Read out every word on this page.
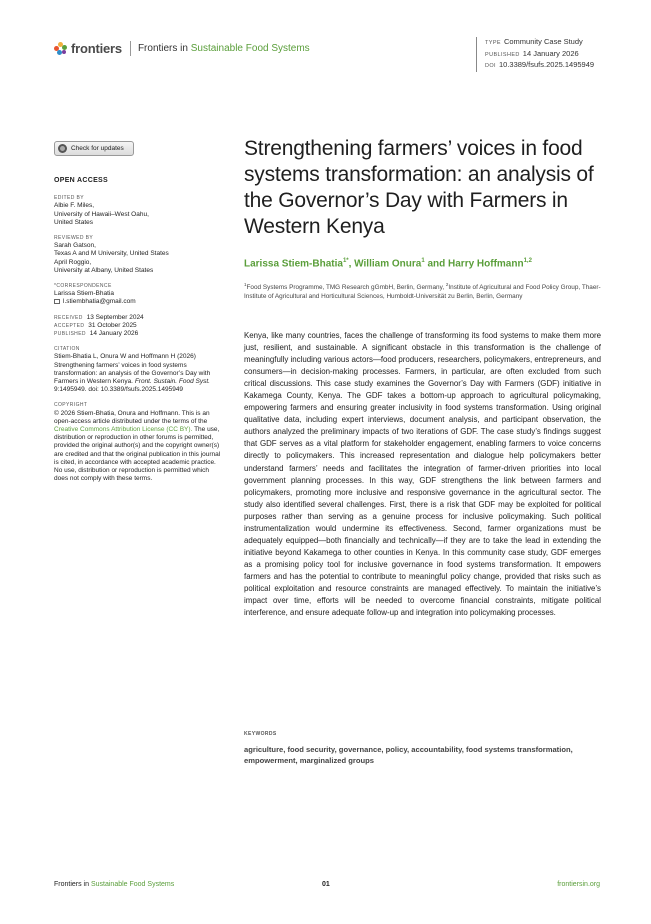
frontiers Frontiers in Sustainable Food Systems	TYPE Community Case Study
PUBLISHED 14 January 2026
DOI 10.3389/fsufs.2025.1495949
Check for updates
OPEN ACCESS
EDITED BY
Albie F. Miles,
University of Hawaii–West Oahu,
United States
REVIEWED BY
Sarah Gatson,
Texas A and M University, United States
April Roggio,
University at Albany, United States
*CORRESPONDENCE
Larissa Stiem-Bhatia
l.stiembhatia@gmail.com
RECEIVED 13 September 2024
ACCEPTED 31 October 2025
PUBLISHED 14 January 2026
CITATION
Stiem-Bhatia L, Onura W and Hoffmann H (2026) Strengthening farmers’ voices in food systems transformation: an analysis of the Governor’s Day with Farmers in Western Kenya. Front. Sustain. Food Syst. 9:1495949. doi: 10.3389/fsufs.2025.1495949
COPYRIGHT
© 2026 Stiem-Bhatia, Onura and Hoffmann. This is an open-access article distributed under the terms of the Creative Commons Attribution License (CC BY). The use, distribution or reproduction in other forums is permitted, provided the original author(s) and the copyright owner(s) are credited and that the original publication in this journal is cited, in accordance with accepted academic practice. No use, distribution or reproduction is permitted which does not comply with these terms.
Strengthening farmers’ voices in food systems transformation: an analysis of the Governor’s Day with Farmers in Western Kenya
Larissa Stiem-Bhatia$^{1*}$, William Onura$^1$ and Harry Hoffmann$^{1,2}$
$^1$Food Systems Programme, TMG Research gGmbH, Berlin, Germany, $^2$Institute of Agricultural and Food Policy Group, Thaer-Institute of Agricultural and Horticultural Sciences, Humboldt-Universität zu Berlin, Berlin, Germany

Kenya, like many countries, faces the challenge of transforming its food systems to make them more just, resilient, and sustainable. A significant obstacle in this transformation is the challenge of meaningfully including various actors—food producers, researchers, policymakers, entrepreneurs, and consumers—in decision-making processes. Farmers, in particular, are often excluded from such critical discussions. This case study examines the Governor’s Day with Farmers (GDF) initiative in Kakamega County, Kenya. The GDF takes a bottom-up approach to agricultural policymaking, empowering farmers and ensuring greater inclusivity in food systems transformation. Using original qualitative data, including expert interviews, document analysis, and participant observation, the authors analyzed the preliminary impacts of two iterations of GDF. The case study’s findings suggest that GDF serves as a vital platform for stakeholder engagement, enabling farmers to voice concerns directly to policymakers. This increased representation and dialogue help policymakers better understand farmers’ needs and facilitates the integration of farmer-driven priorities into local government planning processes. In this way, GDF strengthens the link between farmers and policymakers, promoting more inclusive and responsive governance in the agricultural sector. The study also identified several challenges. First, there is a risk that GDF may be exploited for political purposes rather than serving as a genuine process for inclusive policymaking. Such political instrumentalization would undermine its effectiveness. Second, farmer organizations must be adequately equipped—both financially and technically—if they are to take the lead in extending the initiative beyond Kakamega to other counties in Kenya. In this community case study, GDF emerges as a promising policy tool for inclusive governance in food systems transformation. It empowers farmers and has the potential to contribute to meaningful policy change, provided that risks such as political exploitation and resource constraints are managed effectively. To maintain the initiative’s impact over time, efforts will be needed to overcome financial constraints, mitigate political interference, and ensure adequate follow-up and integration into policymaking processes.

KEYWORDS
agriculture, food security, governance, policy, accountability, food systems transformation, empowerment, marginalized groups
Frontiers in Sustainable Food Systems	01	frontiersin.org
